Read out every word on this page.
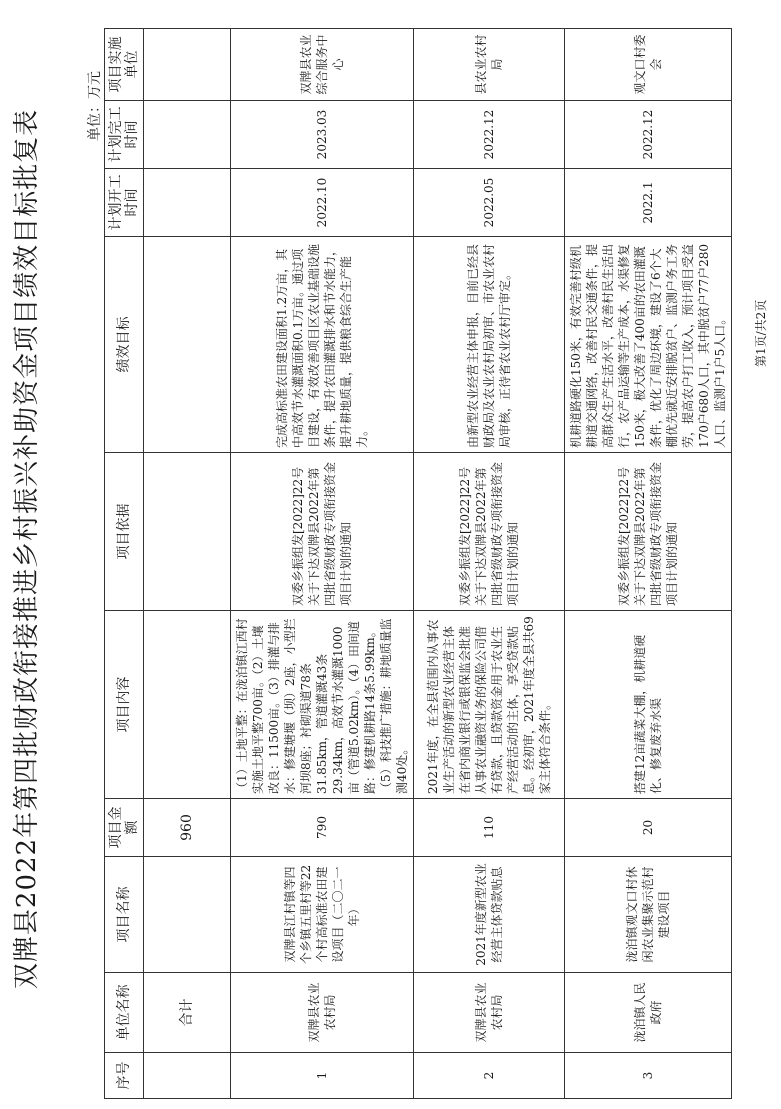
双牌县2022年第四批财政衔接推进乡村振兴补助资金项目绩效目标批复表
单位：万元
序号	单位名称	项目名称	项目金额	项目内容	项目依据	绩效目标	计划开工时间	计划完工时间	项目实施单位
	合计		960						
1	双牌县农业农村局	双牌县江村镇等四个乡镇五里村等22个村高标准农田建设项目（二〇二一年）	790	（1）土地平整：在泷泊镇江西村实施土地平整700亩。（2）土壤改良：11500亩。（3）排灌与排水：修建塘堰（坝）2座，小型拦河坝8座；衬砌渠道78条31.85km，管道灌溉43条29.34km，高效节水灌溉1000亩（管道5.02km）。（4）田间道路：修建机耕路14条5.99km。（5）科技推广措施：耕地质量监测40处。	双委乡振组发[2022]22号关于下达双牌县2022年第四批省级财政专项衔接资金项目计划的通知	完成高标准农田建设面积1.2万亩，其中高效节水灌溉面积0.1万亩。通过项目建设，有效改善项目区农业基础设施条件，提升农田灌溉排水和节水能力，提升耕地质量，提供粮食综合生产能力。	2022.10	2023.03	双牌县农业综合服务中心
2	双牌县农业农村局	2021年度新型农业经营主体贷款贴息	110	2021年度，在全县范围内从事农业生产活动的新型农业经营主体在省内商业银行或银保监会批准从事农业融资业务的保险公司借有贷款，且贷款资金用于农业生产经营活动的主体，享受贷款贴息。经初审，2021年度全县共69家主体符合条件。	双委乡振组发[2022]22号关于下达双牌县2022年第四批省级财政专项衔接资金项目计划的通知	由新型农业经营主体申报，目前已经县财政局及农业农村局初审、市农业农村局审核，正待省农业农村厅审定。	2022.05	2022.12	县农业农村局
3	泷泊镇人民政府	泷泊镇观文口村休闲农业集聚示范村建设项目	20	搭建12亩蔬菜大棚，机耕道硬化、修复废弃水渠	双委乡振组发[2022]22号关于下达双牌县2022年第四批省级财政专项衔接资金项目计划的通知	机耕道路硬化150米，有效完善村级机耕道交通网络，改善村民交通条件，提高群众生产生活水平，改善村民生活出行，农产品运输等生产成本，水渠修复150米，极大改善了400亩的农田灌溉条件，优化了周边环境，建设了6个大棚优先就近安排脱贫户、监测户务工务劳，提高农户打工收入，预计项目受益170户680人口，其中脱贫户77户280人口、监测户1户5人口。	2022.1	2022.12	观文口村委会
第1页/共2页
